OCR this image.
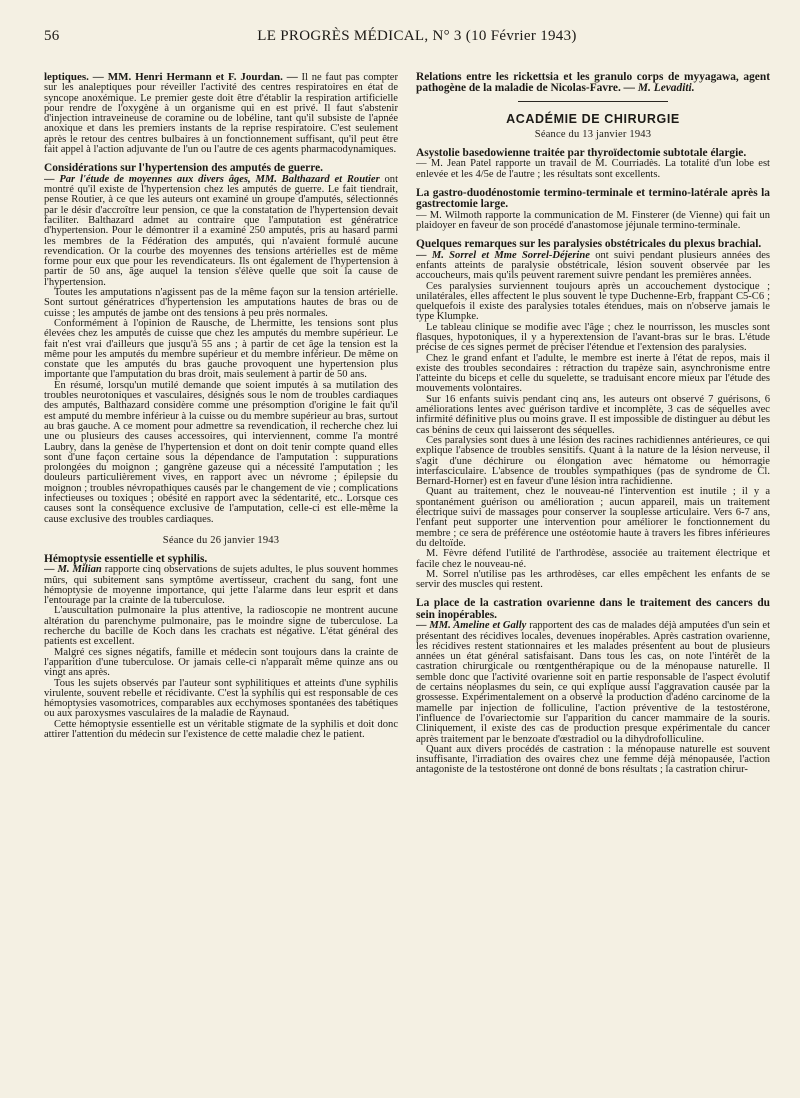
56	LE PROGRÈS MÉDICAL, N° 3 (10 Février 1943)

leptiques. — MM. Henri Hermann et F. Jourdan. — Il ne faut pas compter sur les analeptiques pour réveiller l'activité des centres respiratoires en état de syncope anoxémique. Le premier geste doit être d'établir la respiration artificielle pour rendre de l'oxygène à un organisme qui en est privé. Il faut s'abstenir d'injection intraveineuse de coramine ou de lobéline, tant qu'il subsiste de l'apnée anoxique et dans les premiers instants de la reprise respiratoire. C'est seulement après le retour des centres bulbaires à un fonctionnement suffisant, qu'il peut être fait appel à l'action adjuvante de l'un ou l'autre de ces agents pharmacodynamiques.

Considérations sur l'hypertension des amputés de guerre.

— Par l'étude de moyennes aux divers âges, MM. Balthazard et Routier ont montré qu'il existe de l'hypertension chez les amputés de guerre. Le fait tiendrait, pense Routier, à ce que les auteurs ont examiné un groupe d'amputés, sélectionnés par le désir d'accroître leur pension, ce que la constatation de l'hypertension devait faciliter. Balthazard admet au contraire que l'amputation est génératrice d'hypertension. Pour le démontrer il a examiné 250 amputés, pris au hasard parmi les membres de la Fédération des amputés, qui n'avaient formulé aucune revendication. Or la courbe des moyennes des tensions artérielles est de même forme pour eux que pour les revendicateurs. Ils ont également de l'hypertension à partir de 50 ans, âge auquel la tension s'élève quelle que soit la cause de l'hypertension.

Toutes les amputations n'agissent pas de la même façon sur la tension artérielle. Sont surtout génératrices d'hypertension les amputations hautes de bras ou de cuisse ; les amputés de jambe ont des tensions à peu près normales.

Conformément à l'opinion de Rausche, de Lhermitte, les tensions sont plus élevées chez les amputés de cuisse que chez les amputés du membre supérieur. Le fait n'est vrai d'ailleurs que jusqu'à 55 ans ; à partir de cet âge la tension est la même pour les amputés du membre supérieur et du membre inférieur. De même on constate que les amputés du bras gauche provoquent une hypertension plus importante que l'amputation du bras droit, mais seulement à partir de 50 ans.

En résumé, lorsqu'un mutilé demande que soient imputés à sa mutilation des troubles neurotoniques et vasculaires, désignés sous le nom de troubles cardiaques des amputés, Balthazard considère comme une présomption d'origine le fait qu'il est amputé du membre inférieur à la cuisse ou du membre supérieur au bras, surtout au bras gauche. A ce moment pour admettre sa revendication, il recherche chez lui une ou plusieurs des causes accessoires, qui interviennent, comme l'a montré Laubry, dans la genèse de l'hypertension et dont on doit tenir compte quand elles sont d'une façon certaine sous la dépendance de l'amputation : suppurations prolongées du moignon ; gangrène gazeuse qui a nécessité l'amputation ; les douleurs particulièrement vives, en rapport avec un névrome ; épilepsie du moignon ; troubles névropathiques causés par le changement de vie ; complications infectieuses ou toxiques ; obésité en rapport avec la sédentarité, etc.. Lorsque ces causes sont la conséquence exclusive de l'amputation, celle-ci est elle-même la cause exclusive des troubles cardiaques.

Séance du 26 janvier 1943

Hémoptysie essentielle et syphilis.

— M. Milian rapporte cinq observations de sujets adultes, le plus souvent hommes mûrs, qui subitement sans symptôme avertisseur, crachent du sang, font une hémoptysie de moyenne importance, qui jette l'alarme dans leur esprit et dans l'entourage par la crainte de la tuberculose.

L'auscultation pulmonaire la plus attentive, la radioscopie ne montrent aucune altération du parenchyme pulmonaire, pas le moindre signe de tuberculose. La recherche du bacille de Koch dans les crachats est négative. L'état général des patients est excellent.

Malgré ces signes négatifs, famille et médecin sont toujours dans la crainte de l'apparition d'une tuberculose. Or jamais celle-ci n'apparaît même quinze ans ou vingt ans après.

Tous les sujets observés par l'auteur sont syphilitiques et atteints d'une syphilis virulente, souvent rebelle et récidivante. C'est la syphilis qui est responsable de ces hémoptysies vasomotrices, comparables aux ecchymoses spontanées des tabétiques ou aux paroxysmes vasculaires de la maladie de Raynaud.

Cette hémoptysie essentielle est un véritable stigmate de la syphilis et doit donc attirer l'attention du médecin sur l'existence de cette maladie chez le patient.

Relations entre les rickettsia et les granulo corps de myyagawa, agent pathogène de la maladie de Nicolas-Favre. — M. Levaditi.

ACADÉMIE DE CHIRURGIE
Séance du 13 janvier 1943

Asystolie basedowienne traitée par thyroïdectomie subtotale élargie.

— M. Jean Patel rapporte un travail de M. Courriadès. La totalité d'un lobe est enlevée et les 4/5e de l'autre ; les résultats sont excellents.

La gastro-duodénostomie termino-terminale et termino-latérale après la gastrectomie large.

— M. Wilmoth rapporte la communication de M. Finsterer (de Vienne) qui fait un plaidoyer en faveur de son procédé d'anastomose jéjunale termino-terminale.

Quelques remarques sur les paralysies obstétricales du plexus brachial.

— M. Sorrel et Mme Sorrel-Déjerine ont suivi pendant plusieurs années des enfants atteints de paralysie obstétricale, lésion souvent observée par les accoucheurs, mais qu'ils peuvent rarement suivre pendant les premières années.

Ces paralysies surviennent toujours après un accouchement dystocique ; unilatérales, elles affectent le plus souvent le type Duchenne-Erb, frappant C5-C6 ; quelquefois il existe des paralysies totales étendues, mais on n'observe jamais le type Klumpke.

Le tableau clinique se modifie avec l'âge ; chez le nourrisson, les muscles sont flasques, hypotoniques, il y a hyperextension de l'avant-bras sur le bras. L'étude précise de ces signes permet de préciser l'étendue et l'extension des paralysies.

Chez le grand enfant et l'adulte, le membre est inerte à l'état de repos, mais il existe des troubles secondaires : rétraction du trapèze sain, asynchronisme entre l'atteinte du biceps et celle du squelette, se traduisant encore mieux par l'étude des mouvements volontaires.

Sur 16 enfants suivis pendant cinq ans, les auteurs ont observé 7 guérisons, 6 améliorations lentes avec guérison tardive et incomplète, 3 cas de séquelles avec infirmité définitive plus ou moins grave. Il est impossible de distinguer au début les cas bénins de ceux qui laisseront des séquelles.

Ces paralysies sont dues à une lésion des racines rachidiennes antérieures, ce qui explique l'absence de troubles sensitifs. Quant à la nature de la lésion nerveuse, il s'agit d'une déchirure ou élongation avec hématome ou hémorragie interfasciculaire. L'absence de troubles sympathiques (pas de syndrome de Cl. Bernard-Horner) est en faveur d'une lésion intra rachidienne.

Quant au traitement, chez le nouveau-né l'intervention est inutile ; il y a spontanément guérison ou amélioration ; aucun appareil, mais un traitement électrique suivi de massages pour conserver la souplesse articulaire. Vers 6-7 ans, l'enfant peut supporter une intervention pour améliorer le fonctionnement du membre ; ce sera de préférence une ostéotomie haute à travers les fibres inférieures du deltoïde.

M. Fèvre défend l'utilité de l'arthrodèse, associée au traitement électrique et facile chez le nouveau-né.

M. Sorrel n'utilise pas les arthrodèses, car elles empêchent les enfants de se servir des muscles qui restent.

La place de la castration ovarienne dans le traitement des cancers du sein inopérables.

— MM. Ameline et Gally rapportent des cas de malades déjà amputées d'un sein et présentant des récidives locales, devenues inopérables. Après castration ovarienne, les récidives restent stationnaires et les malades présentent au bout de plusieurs années un état général satisfaisant. Dans tous les cas, on note l'intérêt de la castration chirurgicale ou rœntgenthérapique ou de la ménopause naturelle. Il semble donc que l'activité ovarienne soit en partie responsable de l'aspect évolutif de certains néoplasmes du sein, ce qui explique aussi l'aggravation causée par la grossesse. Expérimentalement on a observé la production d'adéno carcinome de la mamelle par injection de folliculine, l'action préventive de la testostérone, l'influence de l'ovariectomie sur l'apparition du cancer mammaire de la souris. Cliniquement, il existe des cas de production presque expérimentale du cancer après traitement par le benzoate d'œstradiol ou la dihydrofolliculine.

Quant aux divers procédés de castration : la ménopause naturelle est souvent insuffisante, l'irradiation des ovaires chez une femme déjà ménopausée, l'action antagoniste de la testostérone ont donné de bons résultats ; la castration chirur-
